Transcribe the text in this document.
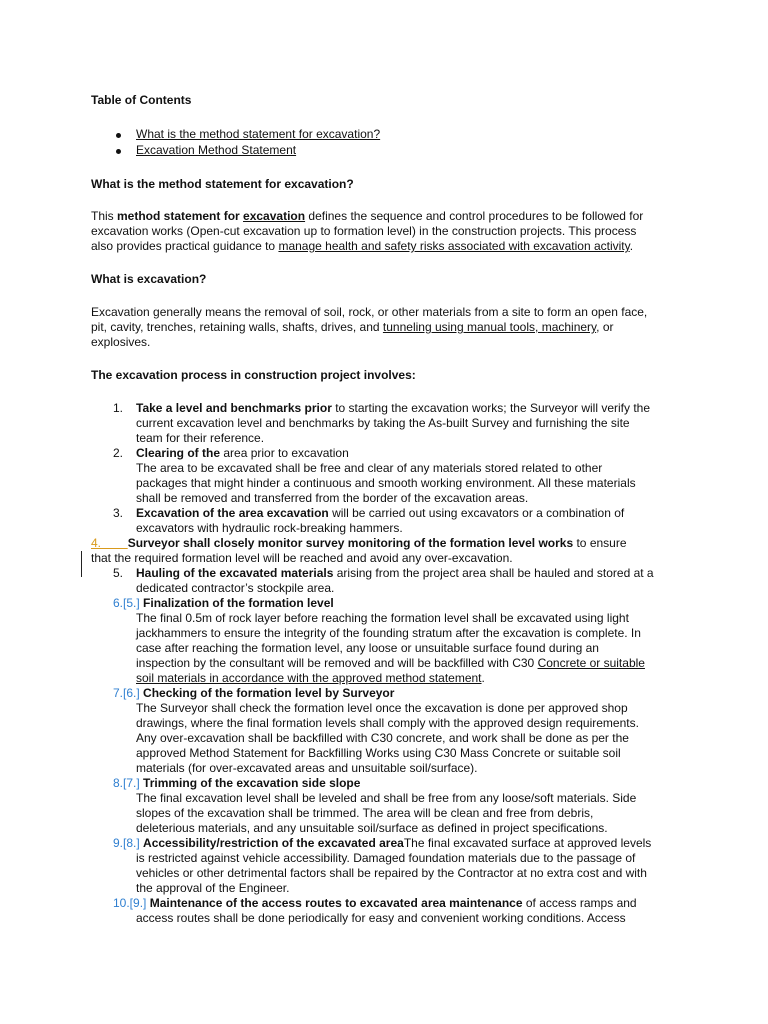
Table of Contents
What is the method statement for excavation?
Excavation Method Statement
What is the method statement for excavation?
This method statement for excavation defines the sequence and control procedures to be followed for
excavation works (Open-cut excavation up to formation level) in the construction projects. This process
also provides practical guidance to manage health and safety risks associated with excavation activity.
What is excavation?
Excavation generally means the removal of soil, rock, or other materials from a site to form an open face,
pit, cavity, trenches, retaining walls, shafts, drives, and tunneling using manual tools, machinery, or
explosives.
The excavation process in construction project involves:
1. Take a level and benchmarks prior to starting the excavation works; the Surveyor will verify the
current excavation level and benchmarks by taking the As-built Survey and furnishing the site
team for their reference.
2. Clearing of the area prior to excavation
The area to be excavated shall be free and clear of any materials stored related to other
packages that might hinder a continuous and smooth working environment. All these materials
shall be removed and transferred from the border of the excavation areas.
3. Excavation of the area excavation will be carried out using excavators or a combination of
excavators with hydraulic rock-breaking hammers.
4. Surveyor shall closely monitor survey monitoring of the formation level works to ensure
that the required formation level will be reached and avoid any over-excavation.
5. Hauling of the excavated materials arising from the project area shall be hauled and stored at a
dedicated contractor’s stockpile area.
6.[5.] Finalization of the formation level
The final 0.5m of rock layer before reaching the formation level shall be excavated using light
jackhammers to ensure the integrity of the founding stratum after the excavation is complete. In
case after reaching the formation level, any loose or unsuitable surface found during an
inspection by the consultant will be removed and will be backfilled with C30 Concrete or suitable
soil materials in accordance with the approved method statement.
7.[6.] Checking of the formation level by Surveyor
The Surveyor shall check the formation level once the excavation is done per approved shop
drawings, where the final formation levels shall comply with the approved design requirements.
Any over-excavation shall be backfilled with C30 concrete, and work shall be done as per the
approved Method Statement for Backfilling Works using C30 Mass Concrete or suitable soil
materials (for over-excavated areas and unsuitable soil/surface).
8.[7.] Trimming of the excavation side slope
The final excavation level shall be leveled and shall be free from any loose/soft materials. Side
slopes of the excavation shall be trimmed. The area will be clean and free from debris,
deleterious materials, and any unsuitable soil/surface as defined in project specifications.
9.[8.] Accessibility/restriction of the excavated areaThe final excavated surface at approved levels
is restricted against vehicle accessibility. Damaged foundation materials due to the passage of
vehicles or other detrimental factors shall be repaired by the Contractor at no extra cost and with
the approval of the Engineer.
10.[9.] Maintenance of the access routes to excavated area maintenance of access ramps and
access routes shall be done periodically for easy and convenient working conditions. Access
